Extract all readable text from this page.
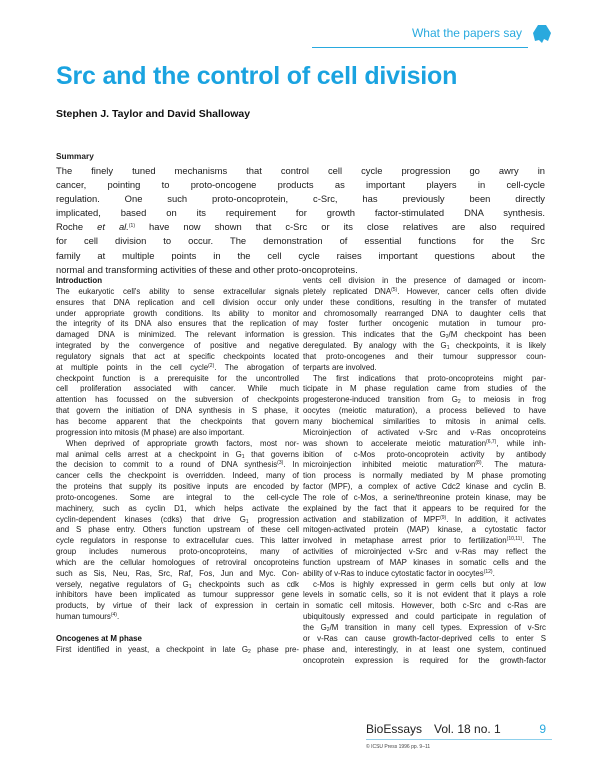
What the papers say
Src and the control of cell division
Stephen J. Taylor and David Shalloway
Summary
The finely tuned mechanisms that control cell cycle progression go awry in
cancer, pointing to proto-oncogene products as important players in cell-cycle
regulation. One such proto-oncoprotein, c-Src, has previously been directly
implicated, based on its requirement for growth factor-stimulated DNA synthesis.
Roche et al.$^{(1)}$ have now shown that c-Src or its close relatives are also required
for cell division to occur. The demonstration of essential functions for the Src
family at multiple points in the cell cycle raises important questions about the
normal and transforming activities of these and other proto-oncoproteins.
Introduction
The eukaryotic cell's ability to sense extracellular signals
ensures that DNA replication and cell division occur only
under appropriate growth conditions. Its ability to monitor
the integrity of its DNA also ensures that the replication of
damaged DNA is minimized. The relevant information is
integrated by the convergence of positive and negative
regulatory signals that act at specific checkpoints located
at multiple points in the cell cycle$^{(2)}$. The abrogation of
checkpoint function is a prerequisite for the uncontrolled
cell proliferation associated with cancer. While much
attention has focussed on the subversion of checkpoints
that govern the initiation of DNA synthesis in S phase, it
has become apparent that the checkpoints that govern
progression into mitosis (M phase) are also important.
When deprived of appropriate growth factors, most nor-
mal animal cells arrest at a checkpoint in $G_1$ that governs
the decision to commit to a round of DNA synthesis$^{(3)}$. In
cancer cells the checkpoint is overridden. Indeed, many of
the proteins that supply its positive inputs are encoded by
proto-oncogenes. Some are integral to the cell-cycle
machinery, such as cyclin D1, which helps activate the
cyclin-dependent kinases (cdks) that drive $G_1$ progression
and S phase entry. Others function upstream of these cell
cycle regulators in response to extracellular cues. This latter
group includes numerous proto-oncoproteins, many of
which are the cellular homologues of retroviral oncoproteins
such as Sis, Neu, Ras, Src, Raf, Fos, Jun and Myc. Con-
versely, negative regulators of $G_1$ checkpoints such as cdk
inhibitors have been implicated as tumour suppressor gene
products, by virtue of their lack of expression in certain
human tumours$^{(4)}$.
Oncogenes at M phase
First identified in yeast, a checkpoint in late $G_2$ phase pre-
vents cell division in the presence of damaged or incom-
pletely replicated DNA$^{(5)}$. However, cancer cells often divide
under these conditions, resulting in the transfer of mutated
and chromosomally rearranged DNA to daughter cells that
may foster further oncogenic mutation in tumour pro-
gression. This indicates that the $G_2/M$ checkpoint has been
deregulated. By analogy with the $G_1$ checkpoints, it is likely
that proto-oncogenes and their tumour suppressor coun-
terparts are involved.
The first indications that proto-oncoproteins might par-
ticipate in M phase regulation came from studies of the
progesterone-induced transition from $G_2$ to meiosis in frog
oocytes (meiotic maturation), a process believed to have
many biochemical similarities to mitosis in animal cells.
Microinjection of activated v-Src and v-Ras oncoproteins
was shown to accelerate meiotic maturation$^{(6,7)}$, while inh-
ibition of c-Mos proto-oncoprotein activity by antibody
microinjection inhibited meiotic maturation$^{(8)}$. The matura-
tion process is normally mediated by M phase promoting
factor (MPF), a complex of active Cdc2 kinase and cyclin B.
The role of c-Mos, a serine/threonine protein kinase, may be
explained by the fact that it appears to be required for the
activation and stabilization of MPF$^{(9)}$. In addition, it activates
mitogen-activated protein (MAP) kinase, a cytostatic factor
involved in metaphase arrest prior to fertilization$^{(10,11)}$. The
activities of microinjected v-Src and v-Ras may reflect the
function upstream of MAP kinases in somatic cells and the
ability of v-Ras to induce cytostatic factor in oocytes$^{(12)}$.
c-Mos is highly expressed in germ cells but only at low
levels in somatic cells, so it is not evident that it plays a role
in somatic cell mitosis. However, both c-Src and c-Ras are
ubiquitously expressed and could participate in regulation of
the $G_2/M$ transition in many cell types. Expression of v-Src
or v-Ras can cause growth-factor-deprived cells to enter S
phase and, interestingly, in at least one system, continued
oncoprotein expression is required for the growth-factor
BioEssays Vol. 18 no. 1	9
© ICSU Press 1996 pp. 9–11
